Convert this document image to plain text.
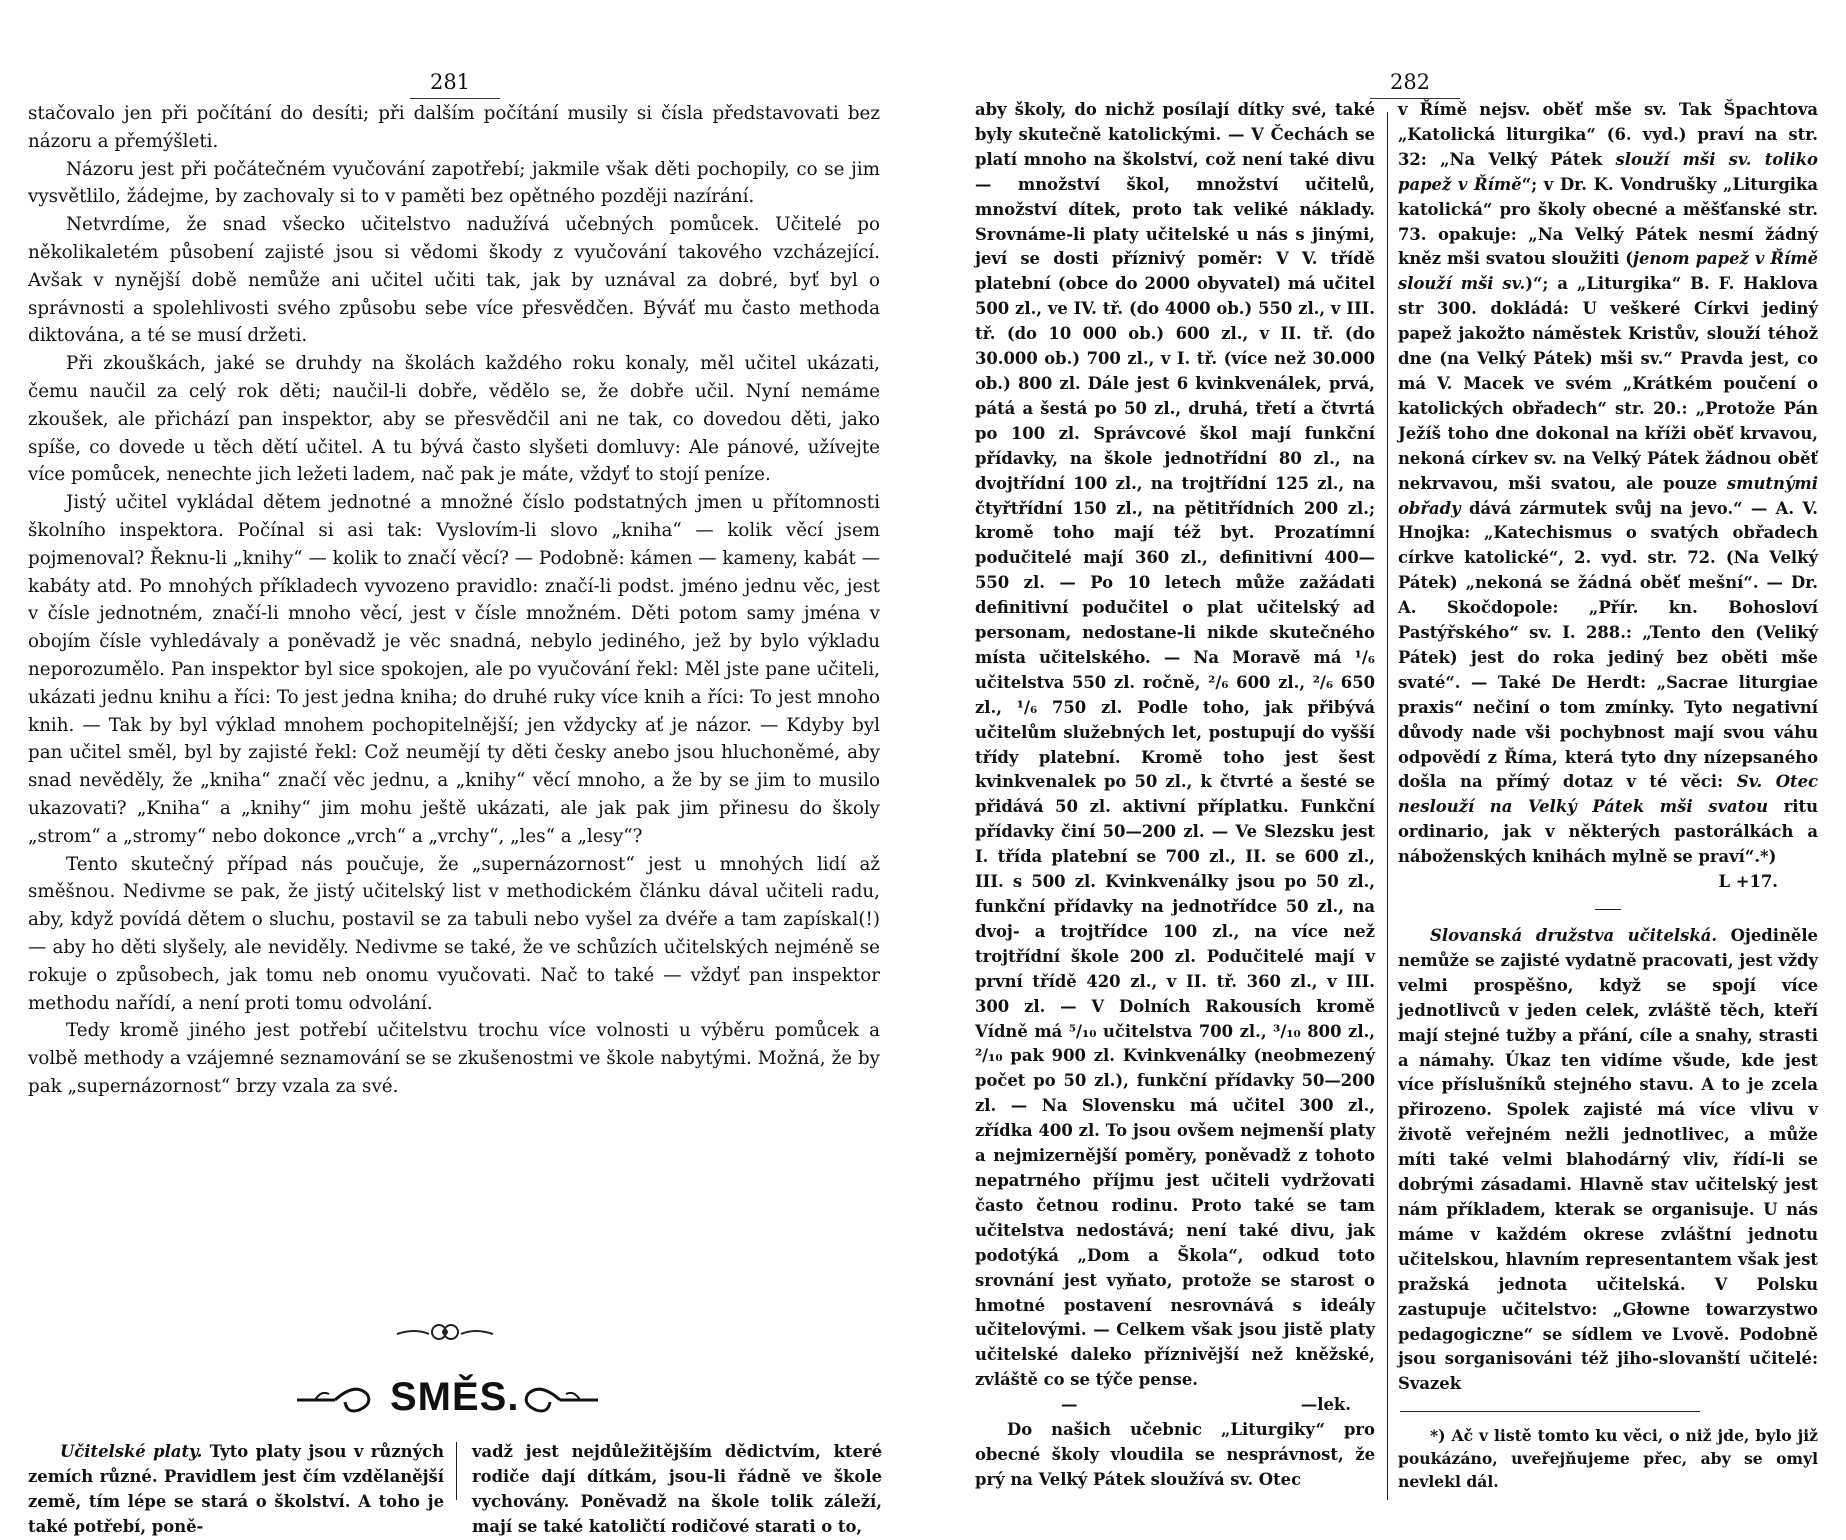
281	282

stačovalo jen při počítání do desíti; při dalším počítání musily si čísla představovati bez názoru a přemýšleti.

Názoru jest při počátečném vyučování zapotřebí; jakmile však děti pochopily, co se jim vysvětlilo, žádejme, by zachovaly si to v paměti bez opětného později nazírání.

Netvrdíme, že snad všecko učitelstvo nadužívá učebných pomůcek. Učitelé po několikaletém působení zajisté jsou si vědomi škody z vyučování takového vzcházející. Avšak v nynější době nemůže ani učitel učiti tak, jak by uznával za dobré, byť byl o správnosti a spolehlivosti svého způsobu sebe více přesvědčen. Býváť mu často methoda diktována, a té se musí držeti.

Při zkouškách, jaké se druhdy na školách každého roku konaly, měl učitel ukázati, čemu naučil za celý rok děti; naučil-li dobře, vědělo se, že dobře učil. Nyní nemáme zkoušek, ale přichází pan inspektor, aby se přesvědčil ani ne tak, co dovedou děti, jako spíše, co dovede u těch dětí učitel. A tu bývá často slyšeti domluvy: Ale pánové, užívejte více pomůcek, nenechte jich ležeti ladem, nač pak je máte, vždyť to stojí peníze.

Jistý učitel vykládal dětem jednotné a množné číslo podstatných jmen u přítomnosti školního inspektora. Počínal si asi tak: Vyslovím-li slovo „kniha“ — kolik věcí jsem pojmenoval? Řeknu-li „knihy“ — kolik to značí věcí? — Podobně: kámen — kameny, kabát — kabáty atd. Po mnohých příkladech vyvozeno pravidlo: značí-li podst. jméno jednu věc, jest v čísle jednotném, značí-li mnoho věcí, jest v čísle množném. Děti potom samy jména v obojím čísle vyhledávaly a poněvadž je věc snadná, nebylo jediného, jež by bylo výkladu neporozumělo. Pan inspektor byl sice spokojen, ale po vyučování řekl: Měl jste pane učiteli, ukázati jednu knihu a říci: To jest jedna kniha; do druhé ruky více knih a říci: To jest mnoho knih. — Tak by byl výklad mnohem pochopitelnější; jen vždycky ať je názor. — Kdyby byl pan učitel směl, byl by zajisté řekl: Což neumějí ty děti česky anebo jsou hluchoněmé, aby snad nevěděly, že „kniha“ značí věc jednu, a „knihy“ věcí mnoho, a že by se jim to musilo ukazovati? „Kniha“ a „knihy“ jim mohu ještě ukázati, ale jak pak jim přinesu do školy „strom“ a „stromy“ nebo dokonce „vrch“ a „vrchy“, „les“ a „lesy“?

Tento skutečný případ nás poučuje, že „supernázornost“ jest u mnohých lidí až směšnou. Nedivme se pak, že jistý učitelský list v methodickém článku dával učiteli radu, aby, když povídá dětem o sluchu, postavil se za tabuli nebo vyšel za dvéře a tam zapískal(!) — aby ho děti slyšely, ale neviděly. Nedivme se také, že ve schůzích učitelských nejméně se rokuje o způsobech, jak tomu neb onomu vyučovati. Nač to také — vždyť pan inspektor methodu nařídí, a není proti tomu odvolání.

Tedy kromě jiného jest potřebí učitelstvu trochu více volnosti u výběru pomůcek a volbě methody a vzájemné seznamování se se zkušenostmi ve škole nabytými. Možná, že by pak „supernázornost“ brzy vzala za své.

SMĚS.

Učitelské platy. Tyto platy jsou v různých zemích různé. Pravidlem jest čím vzdělanější země, tím lépe se stará o školství. A toho je také potřebí, poně-

vadž jest nejdůležitějším dědictvím, které rodiče dají dítkám, jsou-li řádně ve škole vychovány. Poněvadž na škole tolik záleží, mají se také katoličtí rodičové starati o to,

aby školy, do nichž posílají dítky své, také byly skutečně katolickými. — V Čechách se platí mnoho na školství, což není také divu — množství škol, množství učitelů, množství dítek, proto tak veliké náklady. Srovnáme-li platy učitelské u nás s jinými, jeví se dosti příznivý poměr: V V. třídě platební (obce do 2000 obyvatel) má učitel 500 zl., ve IV. tř. (do 4000 ob.) 550 zl., v III. tř. (do 10 000 ob.) 600 zl., v II. tř. (do 30.000 ob.) 700 zl., v I. tř. (více než 30.000 ob.) 800 zl. Dále jest 6 kvinkvenálek, prvá, pátá a šestá po 50 zl., druhá, třetí a čtvrtá po 100 zl. Správcové škol mají funkční přídavky, na škole jednotřídní 80 zl., na dvojtřídní 100 zl., na trojtřídní 125 zl., na čtyřtřídní 150 zl., na pětitřídních 200 zl.; kromě toho mají též byt. Prozatímní podučitelé mají 360 zl., definitivní 400—550 zl. — Po 10 letech může zažádati definitivní podučitel o plat učitelský ad personam, nedostane-li nikde skutečného místa učitelského. — Na Moravě má ¹/₆ učitelstva 550 zl. ročně, ²/₆ 600 zl., ²/₆ 650 zl., ¹/₆ 750 zl. Podle toho, jak přibývá učitelům služebných let, postupují do vyšší třídy platební. Kromě toho jest šest kvinkvenalek po 50 zl., k čtvrté a šesté se přidává 50 zl. aktivní příplatku. Funkční přídavky činí 50—200 zl. — Ve Slezsku jest I. třída platební se 700 zl., II. se 600 zl., III. s 500 zl. Kvinkvenálky jsou po 50 zl., funkční přídavky na jednotřídce 50 zl., na dvoj- a trojtřídce 100 zl., na více než trojtřídní škole 200 zl. Podučitelé mají v první třídě 420 zl., v II. tř. 360 zl., v III. 300 zl. — V Dolních Rakousích kromě Vídně má ⁵/₁₀ učitelstva 700 zl., ³/₁₀ 800 zl., ²/₁₀ pak 900 zl. Kvinkvenálky (neobmezený počet po 50 zl.), funkční přídavky 50—200 zl. — Na Slovensku má učitel 300 zl., zřídka 400 zl. To jsou ovšem nejmenší platy a nejmizernější poměry, poněvadž z tohoto nepatrného příjmu jest učiteli vydržovati často četnou rodinu. Proto také se tam učitelstva nedostává; není také divu, jak podotýká „Dom a Škola“, odkud toto srovnání jest vyňato, protože se starost o hmotné postavení nesrovnává s ideály učitelovými. — Celkem však jsou jistě platy učitelské daleko příznivější než kněžské, zvláště co se týče pense.

—	—lek.

Do našich učebnic „Liturgiky“ pro obecné školy vloudila se nesprávnost, že prý na Velký Pátek sloužívá sv. Otec

v Římě nejsv. oběť mše sv. Tak Špachtova „Katolická liturgika“ (6. vyd.) praví na str. 32: „Na Velký Pátek slouží mši sv. toliko papež v Římě“; v Dr. K. Vondrušky „Liturgika katolická“ pro školy obecné a měšťanské str. 73. opakuje: „Na Velký Pátek nesmí žádný kněz mši svatou sloužiti (jenom papež v Římě slouží mši sv.)“; a „Liturgika“ B. F. Haklova str 300. dokládá: U veškeré Církvi jediný papež jakožto náměstek Kristův, slouží téhož dne (na Velký Pátek) mši sv.“ Pravda jest, co má V. Macek ve svém „Krátkém poučení o katolických obřadech“ str. 20.: „Protože Pán Ježíš toho dne dokonal na kříži oběť krvavou, nekoná církev sv. na Velký Pátek žádnou oběť nekrvavou, mši svatou, ale pouze smutnými obřady dává zármutek svůj na jevo.“ — A. V. Hnojka: „Katechismus o svatých obřadech církve katolické“, 2. vyd. str. 72. (Na Velký Pátek) „nekoná se žádná oběť mešní“. — Dr. A. Skočdopole: „Přír. kn. Bohosloví Pastýřského“ sv. I. 288.: „Tento den (Veliký Pátek) jest do roka jediný bez oběti mše svaté“. — Také De Herdt: „Sacrae liturgiae praxis“ nečiní o tom zmínky. Tyto negativní důvody nade vši pochybnost mají svou váhu odpovědí z Říma, která tyto dny nízepsaného došla na přímý dotaz v té věci: Sv. Otec neslouží na Velký Pátek mši svatou ritu ordinario, jak v některých pastorálkách a náboženských knihách mylně se praví“.*)

L +17.

Slovanská družstva učitelská. Ojediněle nemůže se zajisté vydatně pracovati, jest vždy velmi prospěšno, když se spojí více jednotlivců v jeden celek, zvláště těch, kteří mají stejné tužby a přání, cíle a snahy, strasti a námahy. Úkaz ten vidíme všude, kde jest více příslušníků stejného stavu. A to je zcela přirozeno. Spolek zajisté má více vlivu v životě veřejném nežli jednotlivec, a může míti také velmi blahodárný vliv, řídí-li se dobrými zásadami. Hlavně stav učitelský jest nám příkladem, kterak se organisuje. U nás máme v každém okrese zvláštní jednotu učitelskou, hlavním representantem však jest pražská jednota učitelská. V Polsku zastupuje učitelstvo: „Głowne towarzystwo pedagogiczne“ se sídlem ve Lvově. Podobně jsou sorganisováni též jiho-slovanští učitelé: Svazek

*) Ač v listě tomto ku věci, o niž jde, bylo již poukázáno, uveřejňujeme přec, aby se omyl nevlekl dál.
